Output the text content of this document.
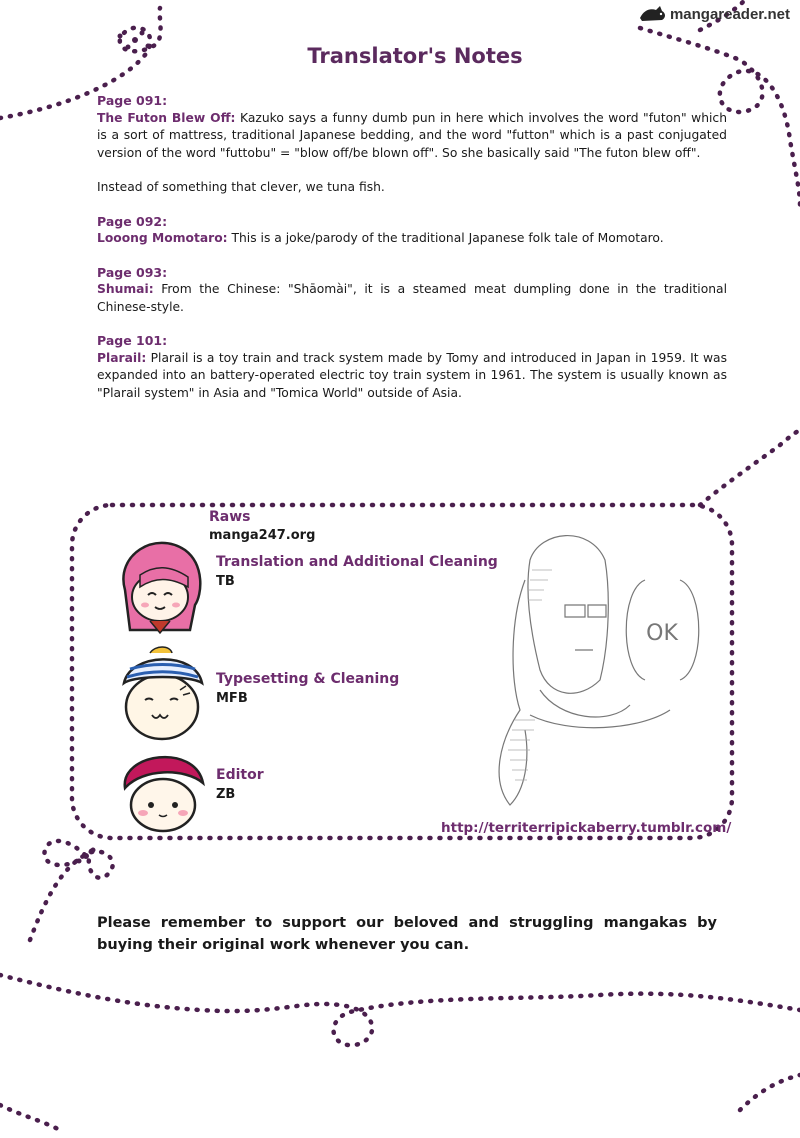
mangareader.net
Translator's Notes
Page 091:
The Futon Blew Off: Kazuko says a funny dumb pun in here which involves the word "futon" which is a sort of mattress, traditional Japanese bedding, and the word "futton" which is a past conjugated version of the word "futtobu" = "blow off/be blown off". So she basically said "The futon blew off".
Instead of something that clever, we tuna fish.
Page 092:
Looong Momotaro: This is a joke/parody of the traditional Japanese folk tale of Momotaro.
Page 093:
Shumai: From the Chinese: "Shāomài", it is a steamed meat dumpling done in the traditional Chinese-style.
Page 101:
Plarail: Plarail is a toy train and track system made by Tomy and introduced in Japan in 1959. It was expanded into an battery-operated electric toy train system in 1961. The system is usually known as "Plarail system" in Asia and "Tomica World" outside of Asia.
Raws
manga247.org
Translation and Additional Cleaning
TB
Typesetting & Cleaning
MFB
Editor
ZB
OK
http://territerripickaberry.tumblr.com/
Please remember to support our beloved and struggling mangakas by buying their original work whenever you can.
